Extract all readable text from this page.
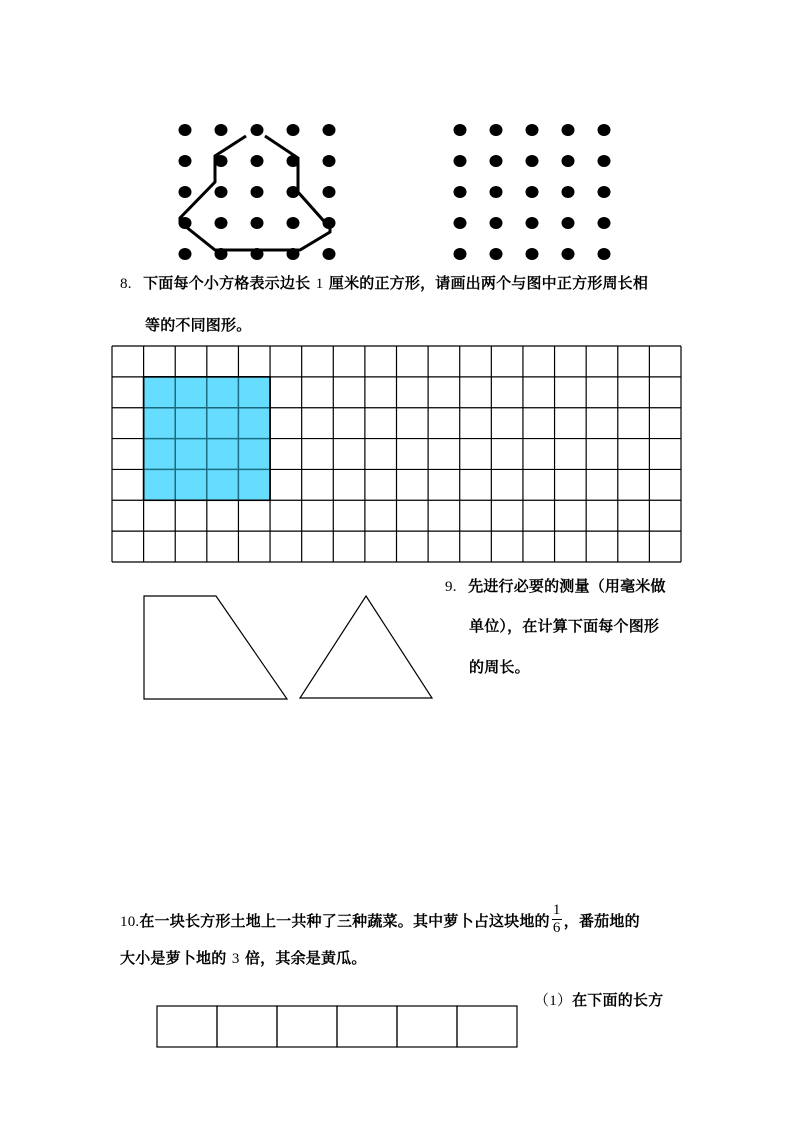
8. 下面每个小方格表示边长 1 厘米的正方形，请画出两个与图中正方形周长相
等的不同图形。
9. 先进行必要的测量（用毫米做
单位），在计算下面每个图形
的周长。
10.在一块长方形土地上一共种了三种蔬菜。其中萝卜占这块地的 $\frac{1}{6}$ ，番茄地的
大小是萝卜地的 3 倍，其余是黄瓜。
（1）在下面的长方
